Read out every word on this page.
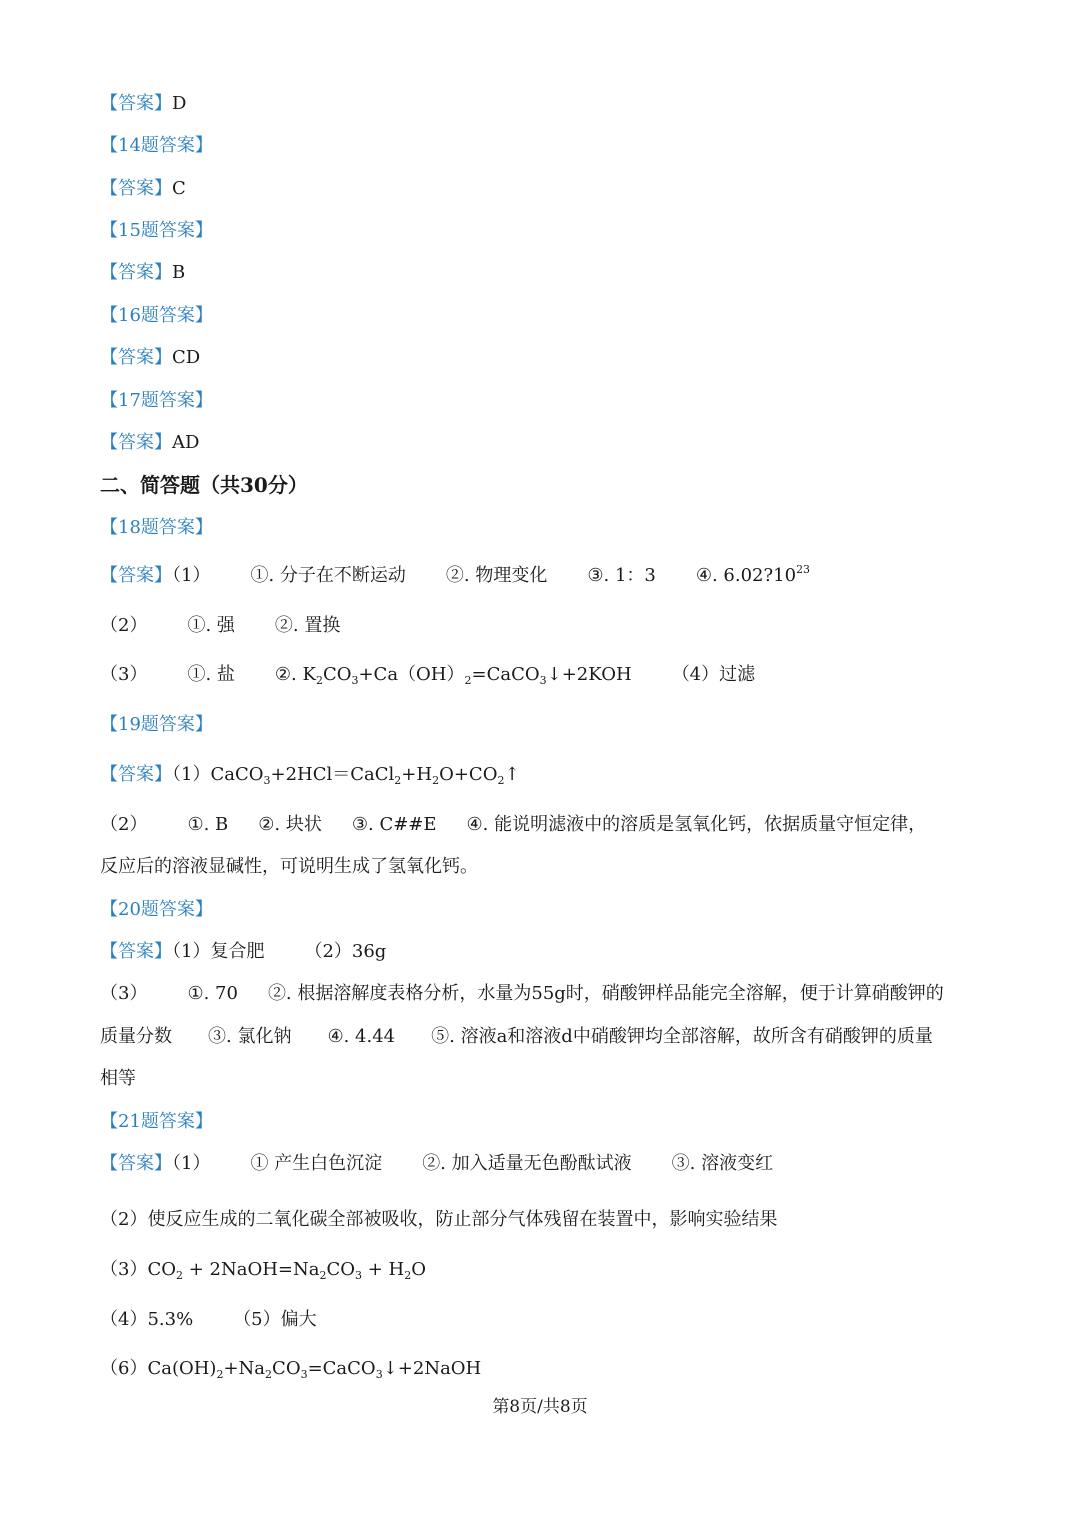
【答案】D
【14题答案】
【答案】C
【15题答案】
【答案】B
【16题答案】
【答案】CD
【17题答案】
【答案】AD
二、简答题（共30分）
【18题答案】
【答案】（1） ①. 分子在不断运动 ②. 物理变化 ③. 1：3 ④. $6.02?10^{23}$
（2） ①. 强 ②. 置换
（3） ①. 盐 ②. $K_2CO_3+Ca(OH)_2=CaCO_3↓+2KOH$ （4）过滤
【19题答案】
【答案】$(1)CaCO_3+2HCl=CaCl_2+H_2O+CO_2↑$
（2） ①. B ②. 块状 ③. C##E ④. 能说明滤液中的溶质是氢氧化钙，依据质量守恒定律，
反应后的溶液显碱性，可说明生成了氢氧化钙。
【20题答案】
【答案】（1）复合肥 （2）36g
（3） ①. 70 ②. 根据溶解度表格分析，水量为55g时，硝酸钾样品能完全溶解，便于计算硝酸钾的
质量分数 ③. 氯化钠 ④. 4.44 ⑤. 溶液a和溶液d中硝酸钾均全部溶解，故所含有硝酸钾的质量
相等
【21题答案】
【答案】（1） ① 产生白色沉淀 ②. 加入适量无色酚酞试液 ③. 溶液变红
（2）使反应生成的二氧化碳全部被吸收，防止部分气体残留在装置中，影响实验结果
$(3)CO_2$ + $2NaOH=Na_2CO_3 + H_2O$
（4）5.3% （5）偏大
$(6)Ca(OH)_2+Na_2CO_3=CaCO_3↓+2NaOH$
第8页/共8页
